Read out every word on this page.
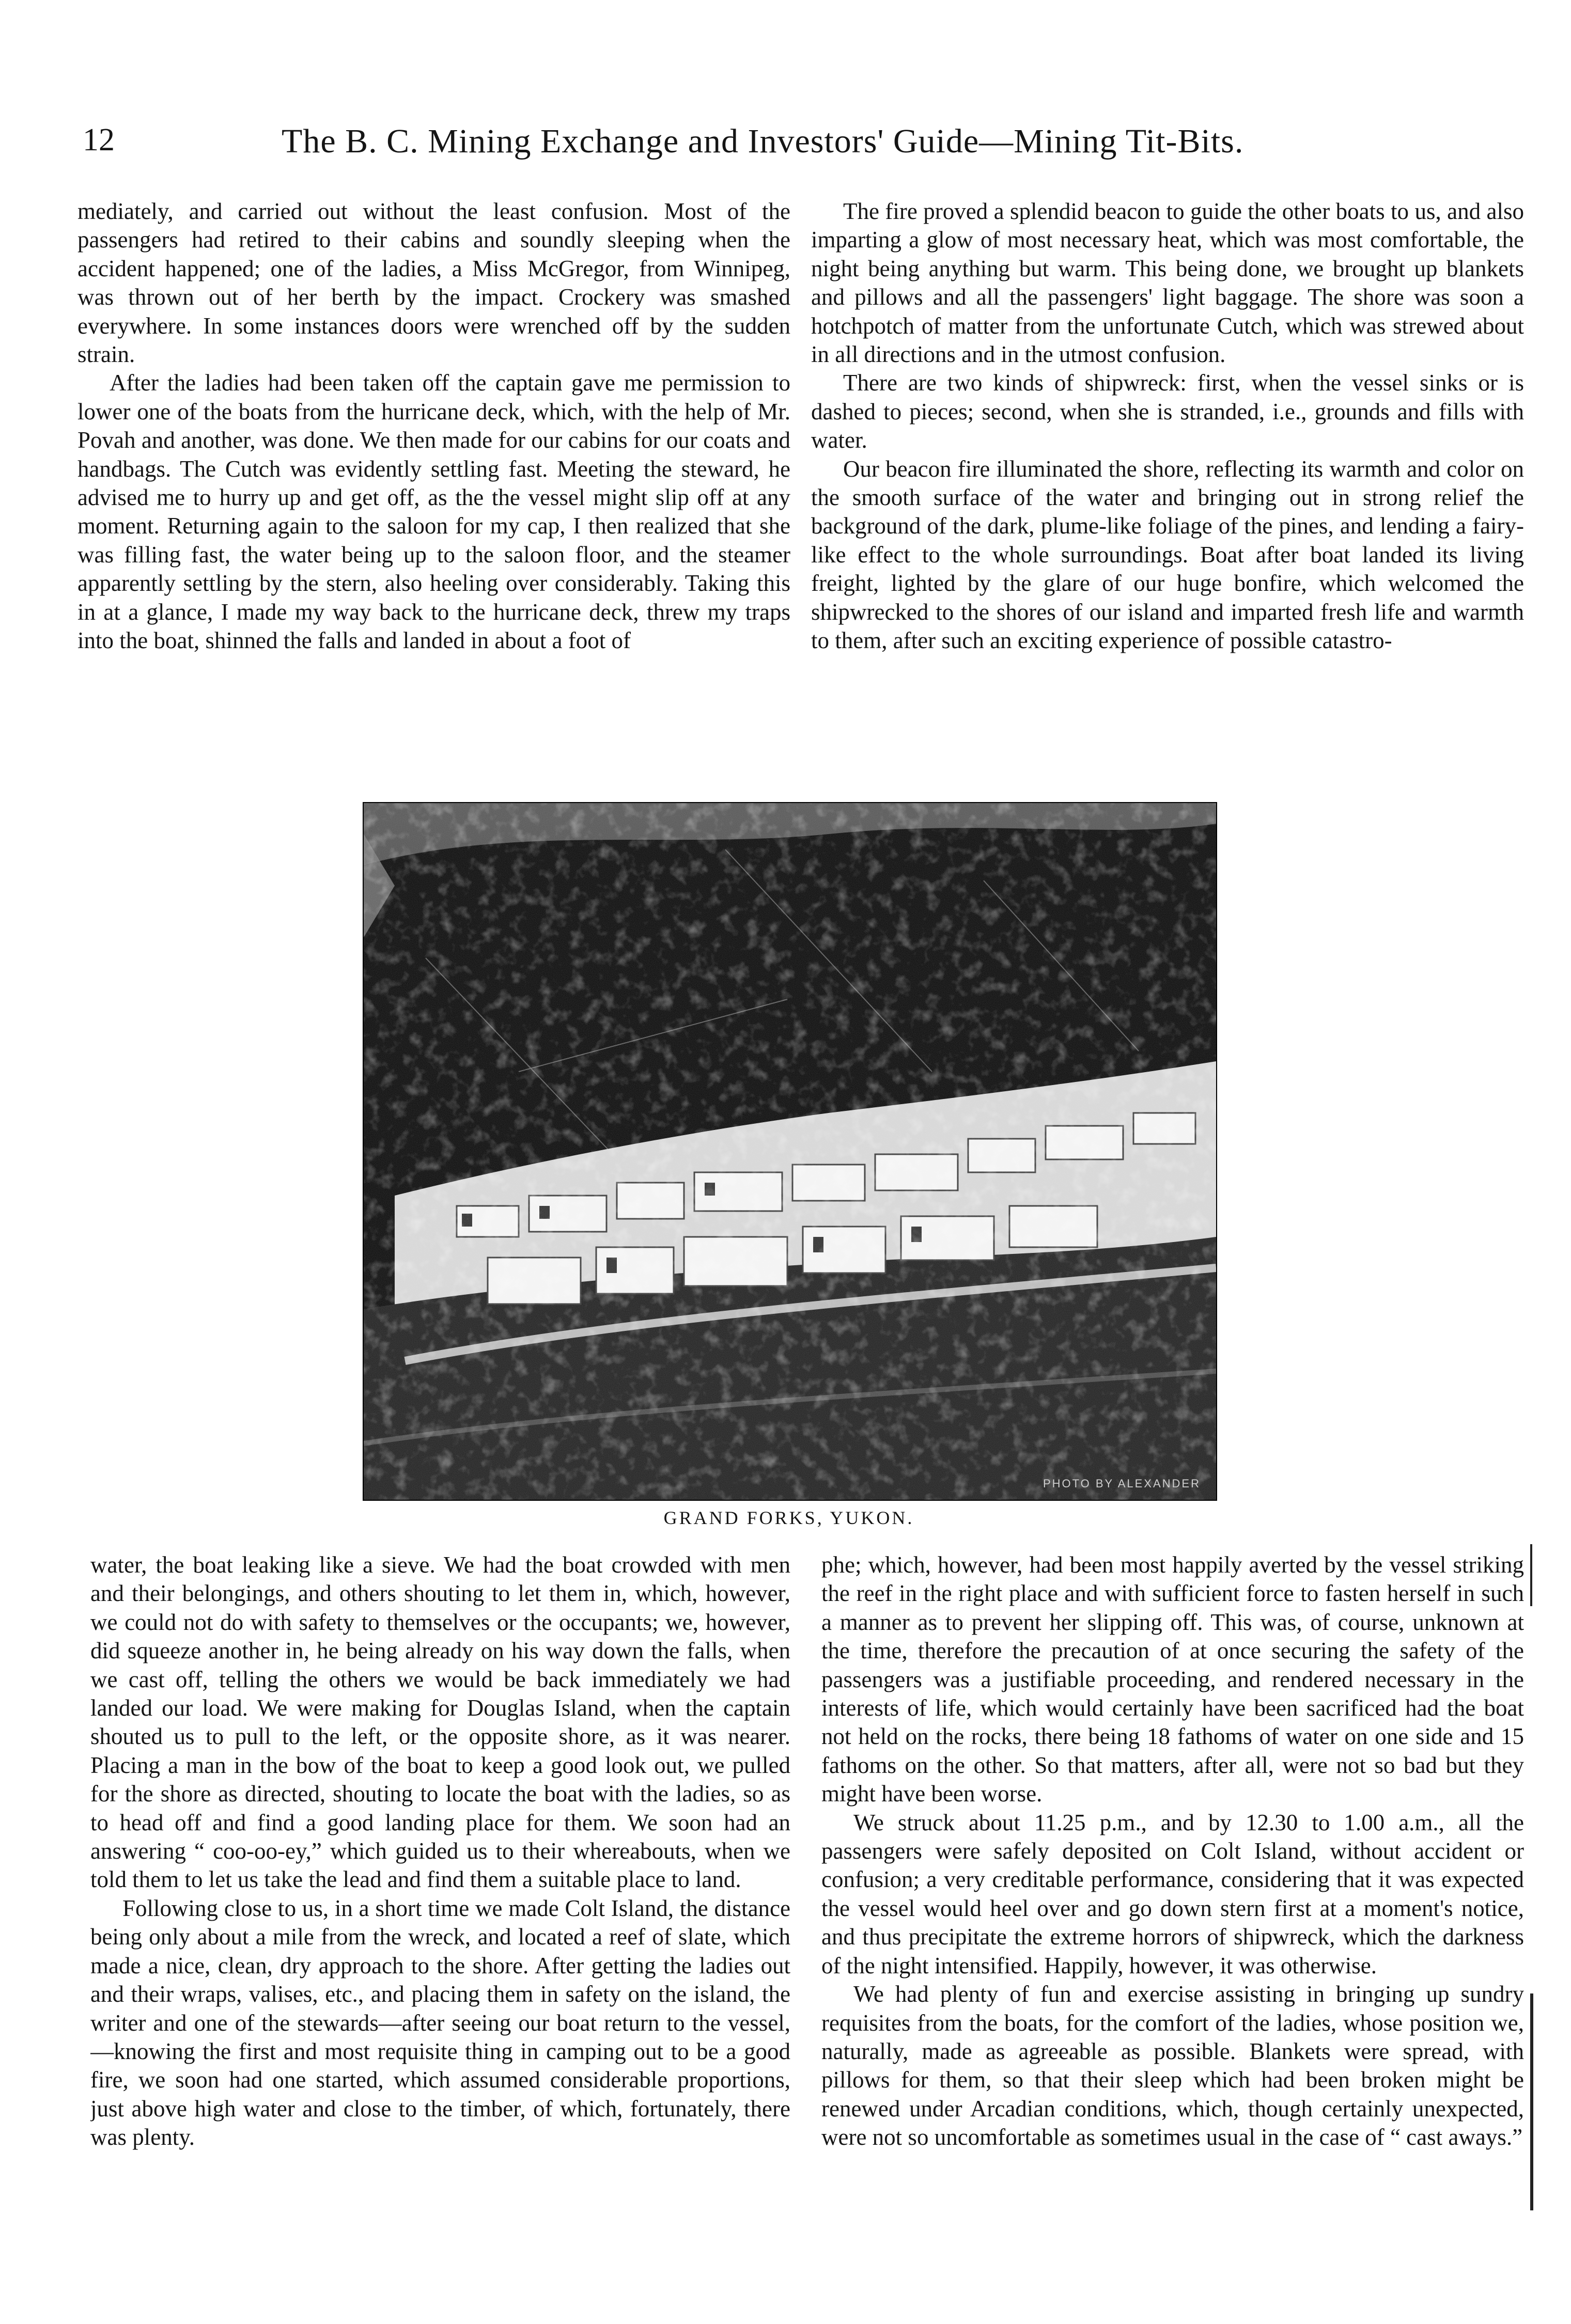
12	The B. C. Mining Exchange and Investors' Guide—Mining Tit-Bits.

mediately, and carried out without the least confusion. Most of the passengers had retired to their cabins and soundly sleeping when the accident happened; one of the ladies, a Miss McGregor, from Winnipeg, was thrown out of her berth by the impact. Crockery was smashed everywhere. In some instances doors were wrenched off by the sudden strain.

After the ladies had been taken off the captain gave me permission to lower one of the boats from the hurricane deck, which, with the help of Mr. Povah and another, was done. We then made for our cabins for our coats and handbags. The Cutch was evidently settling fast. Meeting the steward, he advised me to hurry up and get off, as the the vessel might slip off at any moment. Returning again to the saloon for my cap, I then realized that she was filling fast, the water being up to the saloon floor, and the steamer apparently settling by the stern, also heeling over considerably. Taking this in at a glance, I made my way back to the hurricane deck, threw my traps into the boat, shinned the falls and landed in about a foot of

The fire proved a splendid beacon to guide the other boats to us, and also imparting a glow of most necessary heat, which was most comfortable, the night being anything but warm. This being done, we brought up blankets and pillows and all the passengers' light baggage. The shore was soon a hotchpotch of matter from the unfortunate Cutch, which was strewed about in all directions and in the utmost confusion.

There are two kinds of shipwreck: first, when the vessel sinks or is dashed to pieces; second, when she is stranded, i.e., grounds and fills with water.

Our beacon fire illuminated the shore, reflecting its warmth and color on the smooth surface of the water and bringing out in strong relief the background of the dark, plume-like foliage of the pines, and lending a fairy-like effect to the whole surroundings. Boat after boat landed its living freight, lighted by the glare of our huge bonfire, which welcomed the shipwrecked to the shores of our island and imparted fresh life and warmth to them, after such an exciting experience of possible catastro-

PHOTO BY ALEXANDER
GRAND FORKS, YUKON.

water, the boat leaking like a sieve. We had the boat crowded with men and their belongings, and others shouting to let them in, which, however, we could not do with safety to themselves or the occupants; we, however, did squeeze another in, he being already on his way down the falls, when we cast off, telling the others we would be back immediately we had landed our load. We were making for Douglas Island, when the captain shouted us to pull to the left, or the opposite shore, as it was nearer. Placing a man in the bow of the boat to keep a good look out, we pulled for the shore as directed, shouting to locate the boat with the ladies, so as to head off and find a good landing place for them. We soon had an answering “ coo-oo-ey,” which guided us to their whereabouts, when we told them to let us take the lead and find them a suitable place to land.

Following close to us, in a short time we made Colt Island, the distance being only about a mile from the wreck, and located a reef of slate, which made a nice, clean, dry approach to the shore. After getting the ladies out and their wraps, valises, etc., and placing them in safety on the island, the writer and one of the stewards—after seeing our boat return to the vessel,—knowing the first and most requisite thing in camping out to be a good fire, we soon had one started, which assumed considerable proportions, just above high water and close to the timber, of which, fortunately, there was plenty.

phe; which, however, had been most happily averted by the vessel striking the reef in the right place and with sufficient force to fasten herself in such a manner as to prevent her slipping off. This was, of course, unknown at the time, therefore the precaution of at once securing the safety of the passengers was a justifiable proceeding, and rendered necessary in the interests of life, which would certainly have been sacrificed had the boat not held on the rocks, there being 18 fathoms of water on one side and 15 fathoms on the other. So that matters, after all, were not so bad but they might have been worse.

We struck about 11.25 p.m., and by 12.30 to 1.00 a.m., all the passengers were safely deposited on Colt Island, without accident or confusion; a very creditable performance, considering that it was expected the vessel would heel over and go down stern first at a moment's notice, and thus precipitate the extreme horrors of shipwreck, which the darkness of the night intensified. Happily, however, it was otherwise.

We had plenty of fun and exercise assisting in bringing up sundry requisites from the boats, for the comfort of the ladies, whose position we, naturally, made as agreeable as possible. Blankets were spread, with pillows for them, so that their sleep which had been broken might be renewed under Arcadian conditions, which, though certainly unexpected, were not so uncomfortable as sometimes usual in the case of “ cast aways.”
